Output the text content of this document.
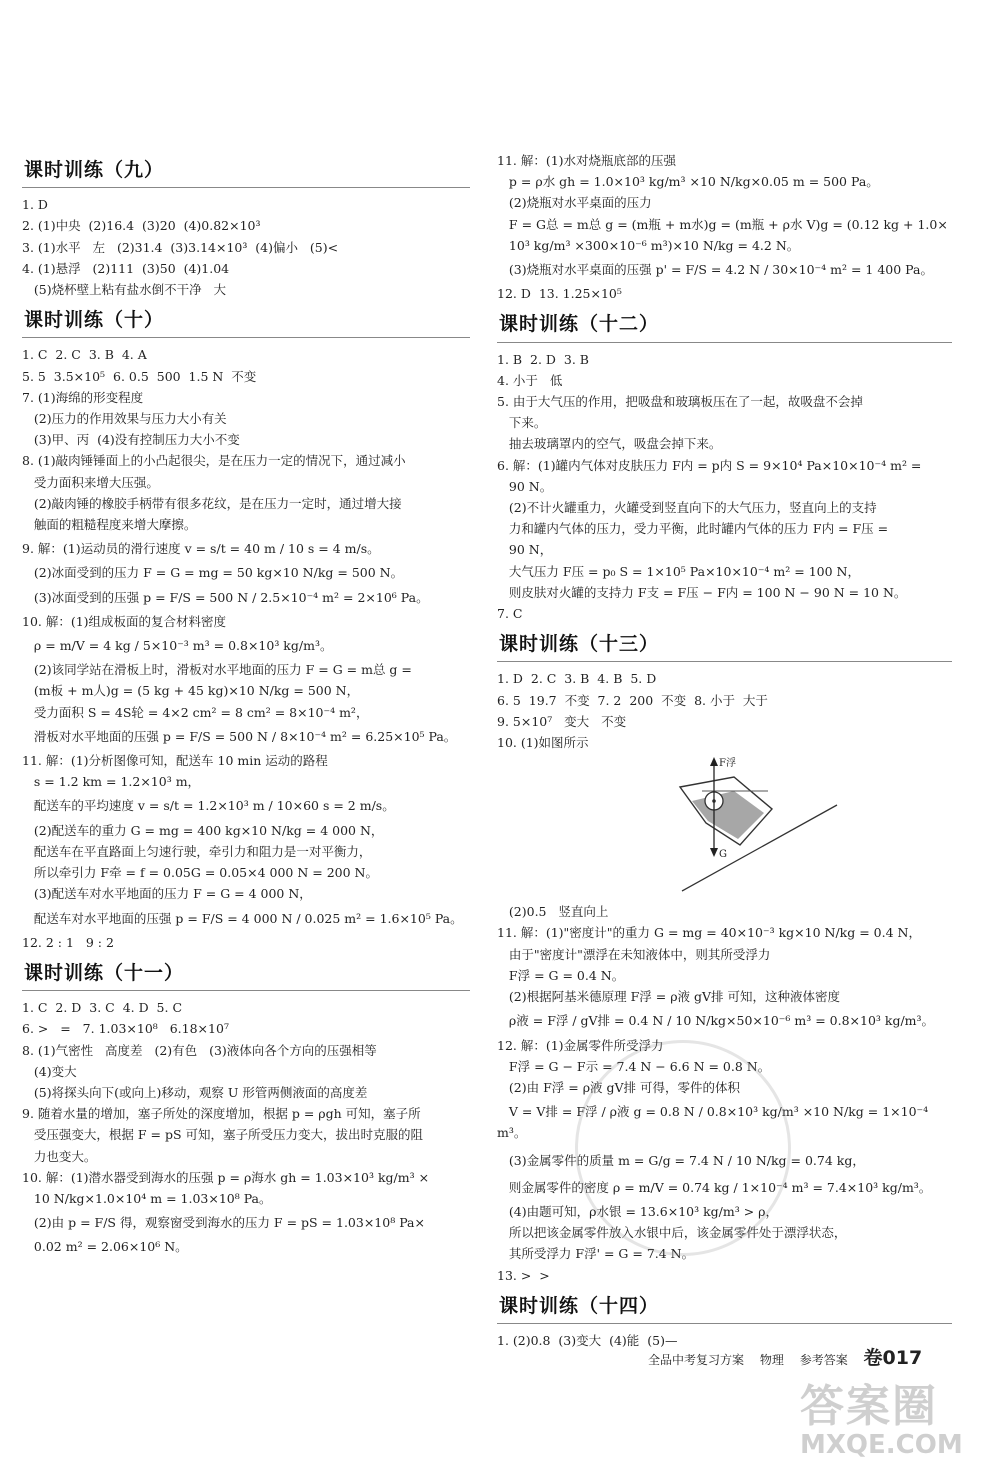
课时训练（九）
1. D
2. (1)中央  (2)16.4  (3)20  (4)0.82×10³
3. (1)水平   左   (2)31.4  (3)3.14×10³  (4)偏小   (5)<
4. (1)悬浮   (2)111  (3)50  (4)1.04
(5)烧杯壁上粘有盐水倒不干净   大
课时训练（十）
1. C  2. C  3. B  4. A
5. 5  3.5×10⁵  6. 0.5  500  1.5 N  不变
7. (1)海绵的形变程度
(2)压力的作用效果与压力大小有关
(3)甲、丙  (4)没有控制压力大小不变
8. (1)敲肉锤锤面上的小凸起很尖，是在压力一定的情况下，通过减小
受力面积来增大压强。
(2)敲肉锤的橡胶手柄带有很多花纹，是在压力一定时，通过增大接
触面的粗糙程度来增大摩擦。
9. 解：(1)运动员的滑行速度 v = s/t = 40 m / 10 s = 4 m/s。
(2)冰面受到的压力 F = G = mg = 50 kg×10 N/kg = 500 N。
(3)冰面受到的压强 p = F/S = 500 N / 2.5×10⁻⁴ m² = 2×10⁶ Pa。
10. 解：(1)组成板面的复合材料密度
ρ = m/V = 4 kg / 5×10⁻³ m³ = 0.8×10³ kg/m³。
(2)该同学站在滑板上时，滑板对水平地面的压力 F = G = m总 g =
(m板 + m人)g = (5 kg + 45 kg)×10 N/kg = 500 N，
受力面积 S = 4S轮 = 4×2 cm² = 8 cm² = 8×10⁻⁴ m²，
滑板对水平地面的压强 p = F/S = 500 N / 8×10⁻⁴ m² = 6.25×10⁵ Pa。
11. 解：(1)分析图像可知，配送车 10 min 运动的路程
s = 1.2 km = 1.2×10³ m，
配送车的平均速度 v = s/t = 1.2×10³ m / 10×60 s = 2 m/s。
(2)配送车的重力 G = mg = 400 kg×10 N/kg = 4 000 N，
配送车在平直路面上匀速行驶，牵引力和阻力是一对平衡力，
所以牵引力 F牵 = f = 0.05G = 0.05×4 000 N = 200 N。
(3)配送车对水平地面的压力 F = G = 4 000 N，
配送车对水平地面的压强 p = F/S = 4 000 N / 0.025 m² = 1.6×10⁵ Pa。
12. 2 : 1   9 : 2
课时训练（十一）
1. C  2. D  3. C  4. D  5. C
6. >   =   7. 1.03×10⁸   6.18×10⁷
8. (1)气密性   高度差   (2)有色   (3)液体向各个方向的压强相等
(4)变大
(5)将探头向下(或向上)移动，观察 U 形管两侧液面的高度差
9. 随着水量的增加，塞子所处的深度增加，根据 p = ρgh 可知，塞子所
受压强变大，根据 F = pS 可知，塞子所受压力变大，拔出时克服的阻
力也变大。
10. 解：(1)潜水器受到海水的压强 p = ρ海水 gh = 1.03×10³ kg/m³ ×
10 N/kg×1.0×10⁴ m = 1.03×10⁸ Pa。
(2)由 p = F/S 得，观察窗受到海水的压力 F = pS = 1.03×10⁸ Pa×
0.02 m² = 2.06×10⁶ N。
11. 解：(1)水对烧瓶底部的压强
p = ρ水 gh = 1.0×10³ kg/m³ ×10 N/kg×0.05 m = 500 Pa。
(2)烧瓶对水平桌面的压力
F = G总 = m总 g = (m瓶 + m水)g = (m瓶 + ρ水 V)g = (0.12 kg + 1.0×
10³ kg/m³ ×300×10⁻⁶ m³)×10 N/kg = 4.2 N。
(3)烧瓶对水平桌面的压强 p' = F/S = 4.2 N / 30×10⁻⁴ m² = 1 400 Pa。
12. D  13. 1.25×10⁵
课时训练（十二）
1. B  2. D  3. B
4. 小于   低
5. 由于大气压的作用，把吸盘和玻璃板压在了一起，故吸盘不会掉
下来。
抽去玻璃罩内的空气，吸盘会掉下来。
6. 解：(1)罐内气体对皮肤压力 F内 = p内 S = 9×10⁴ Pa×10×10⁻⁴ m² =
90 N。
(2)不计火罐重力，火罐受到竖直向下的大气压力，竖直向上的支持
力和罐内气体的压力，受力平衡，此时罐内气体的压力 F内 = F压 =
90 N，
大气压力 F压 = p₀ S = 1×10⁵ Pa×10×10⁻⁴ m² = 100 N，
则皮肤对火罐的支持力 F支 = F压 − F内 = 100 N − 90 N = 10 N。
7. C
课时训练（十三）
1. D  2. C  3. B  4. B  5. D
6. 5  19.7  不变  7. 2  200  不变  8. 小于  大于
9. 5×10⁷   变大   不变
10. (1)如图所示
F浮
G
(2)0.5   竖直向上
11. 解：(1)"密度计"的重力 G = mg = 40×10⁻³ kg×10 N/kg = 0.4 N，
由于"密度计"漂浮在未知液体中，则其所受浮力
F浮 = G = 0.4 N。
(2)根据阿基米德原理 F浮 = ρ液 gV排 可知，这种液体密度
ρ液 = F浮 / gV排 = 0.4 N / 10 N/kg×50×10⁻⁶ m³ = 0.8×10³ kg/m³。
12. 解：(1)金属零件所受浮力
F浮 = G − F示 = 7.4 N − 6.6 N = 0.8 N。
(2)由 F浮 = ρ液 gV排 可得，零件的体积
V = V排 = F浮 / ρ液 g = 0.8 N / 0.8×10³ kg/m³ ×10 N/kg = 1×10⁻⁴ m³。
(3)金属零件的质量 m = G/g = 7.4 N / 10 N/kg = 0.74 kg，
则金属零件的密度 ρ = m/V = 0.74 kg / 1×10⁻⁴ m³ = 7.4×10³ kg/m³。
(4)由题可知，ρ水银 = 13.6×10³ kg/m³ > ρ，
所以把该金属零件放入水银中后，该金属零件处于漂浮状态，
其所受浮力 F浮' = G = 7.4 N。
13. >  >
课时训练（十四）
1. (2)0.8  (3)变大  (4)能  (5)—
全品中考复习方案 物理 参考答案 卷017
答案圈
MXQE.COM
